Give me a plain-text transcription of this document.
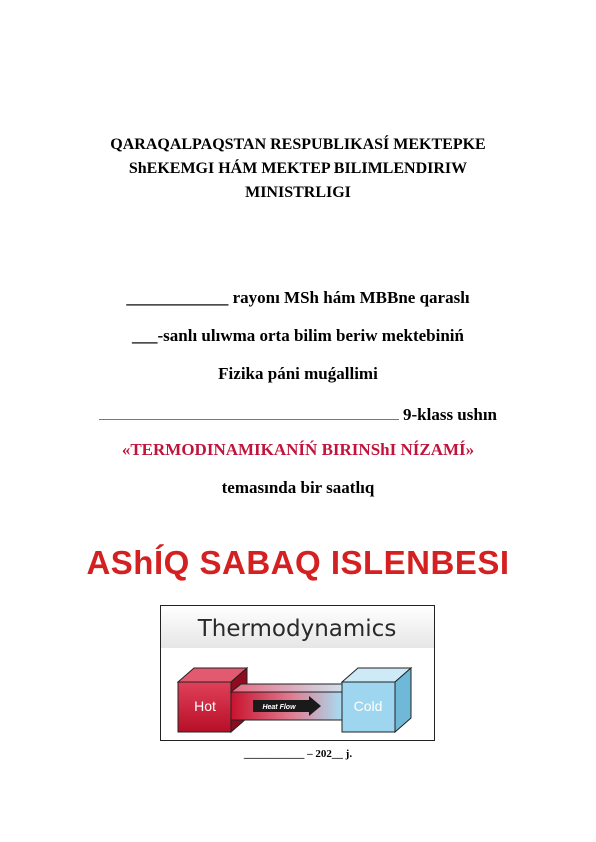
QARAQALPAQSTAN RESPUBLIKASÍ MEKTEPKE
ShEKEMGI HÁM MEKTEP BILIMLENDIRIW
MINISTRLIGI
____________ rayonı MSh hám MBBne qaraslı
___-sanlı ulıwma orta bilim beriw mektebiniń
Fizika páni muǵallimi
9-klass ushın
«TERMODINAMIKANÍŃ BIRINShI NÍZAMÍ»
temasında bir saatlıq
AShÍQ SABAQ ISLENBESI
Thermodynamics
Hot	Heat Flow	Cold
___________ – 202__ j.
